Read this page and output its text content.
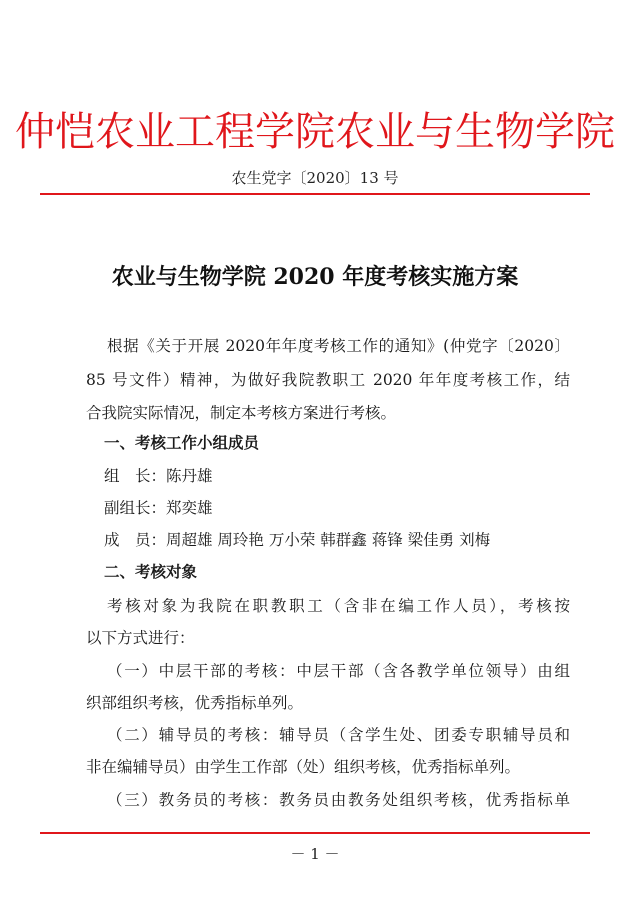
仲恺农业工程学院农业与生物学院
农生党字〔2020〕13 号
农业与生物学院 2020 年度考核实施方案
根据《关于开展 2020年年度考核工作的通知》(仲党字〔2020〕
85 号文件）精神，为做好我院教职工 2020 年年度考核工作，结
合我院实际情况，制定本考核方案进行考核。
一、考核工作小组成员
组　长：陈丹雄
副组长：郑奕雄
成　员：周超雄 周玲艳 万小荣 韩群鑫 蒋锋 梁佳勇 刘梅
二、考核对象
考核对象为我院在职教职工（含非在编工作人员），考核按
以下方式进行：
（一）中层干部的考核：中层干部（含各教学单位领导）由组
织部组织考核，优秀指标单列。
（二）辅导员的考核：辅导员（含学生处、团委专职辅导员和
非在编辅导员）由学生工作部（处）组织考核，优秀指标单列。
（三）教务员的考核：教务员由教务处组织考核，优秀指标单
－ 1 －
